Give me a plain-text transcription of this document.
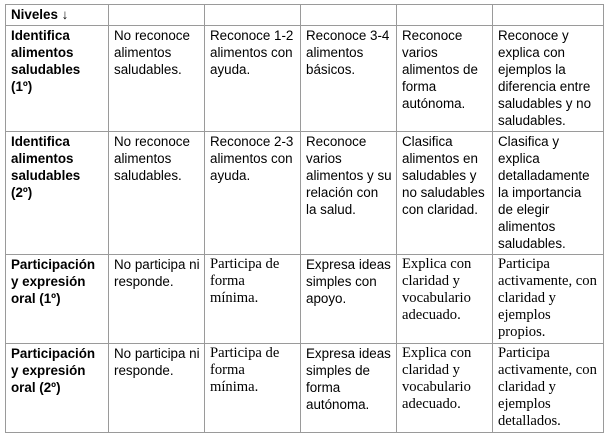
Niveles ↓					
Identifica alimentos saludables (1º)	No reconoce alimentos saludables.	Reconoce 1-2 alimentos con ayuda.	Reconoce 3-4 alimentos básicos.	Reconoce varios alimentos de forma autónoma.	Reconoce y explica con ejemplos la diferencia entre saludables y no saludables.
Identifica alimentos saludables (2º)	No reconoce alimentos saludables.	Reconoce 2-3 alimentos con ayuda.	Reconoce varios alimentos y su relación con la salud.	Clasifica alimentos en saludables y no saludables con claridad.	Clasifica y explica detalladamente la importancia de elegir alimentos saludables.
Participación y expresión oral (1º)	No participa ni responde.	Participa de forma mínima.	Expresa ideas simples con apoyo.	Explica con claridad y vocabulario adecuado.	Participa activamente, con claridad y ejemplos propios.
Participación y expresión oral (2º)	No participa ni responde.	Participa de forma mínima.	Expresa ideas simples de forma autónoma.	Explica con claridad y vocabulario adecuado.	Participa activamente, con claridad y ejemplos detallados.
